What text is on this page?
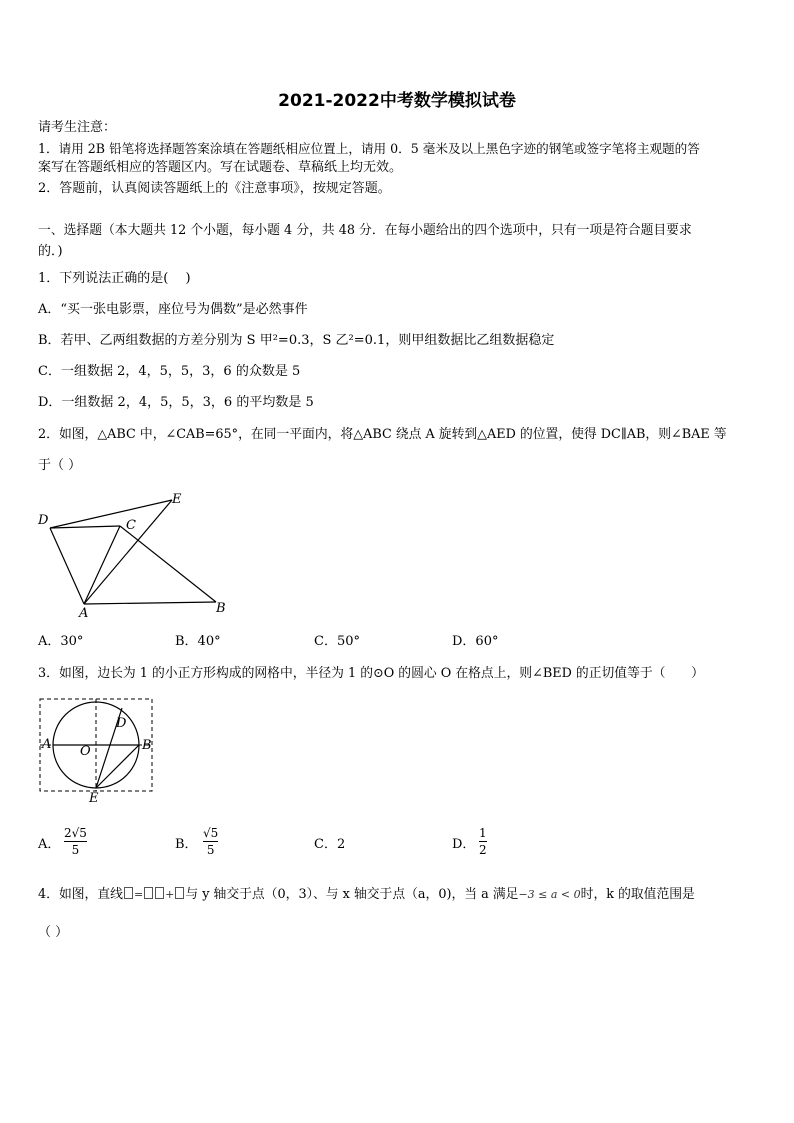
2021-2022中考数学模拟试卷
请考生注意：
1．请用 2B 铅笔将选择题答案涂填在答题纸相应位置上，请用 0．5 毫米及以上黑色字迹的钢笔或签字笔将主观题的答
案写在答题纸相应的答题区内。写在试题卷、草稿纸上均无效。
2．答题前，认真阅读答题纸上的《注意事项》，按规定答题。
一、选择题（本大题共 12 个小题，每小题 4 分，共 48 分．在每小题给出的四个选项中，只有一项是符合题目要求
的．)
1．下列说法正确的是(　 )
A．“买一张电影票，座位号为偶数”是必然事件
B．若甲、乙两组数据的方差分别为 S 甲²=0.3，S 乙²=0.1，则甲组数据比乙组数据稳定
C．一组数据 2，4，5，5，3，6 的众数是 5
D．一组数据 2，4，5，5，3，6 的平均数是 5
2．如图，△ABC 中，∠CAB=65°，在同一平面内，将△ABC 绕点 A 旋转到△AED 的位置，使得 DC∥AB，则∠BAE 等
于（ ）
D	C
E
A	B
A．30°	B．40°	C．50°	D．60°
3．如图，边长为 1 的小正方形构成的网格中，半径为 1 的⊙O 的圆心 O 在格点上，则∠BED 的正切值等于（　　）
A	B
O
D
E
A．
2√5
5	B．
√5
5	C．2	D．
1
2
4．如图，直线 = + 与 y 轴交于点（0，3）、与 x 轴交于点（a，0)，当 a 满足−3 ≤ a < 0时，k 的取值范围是
（ ）
